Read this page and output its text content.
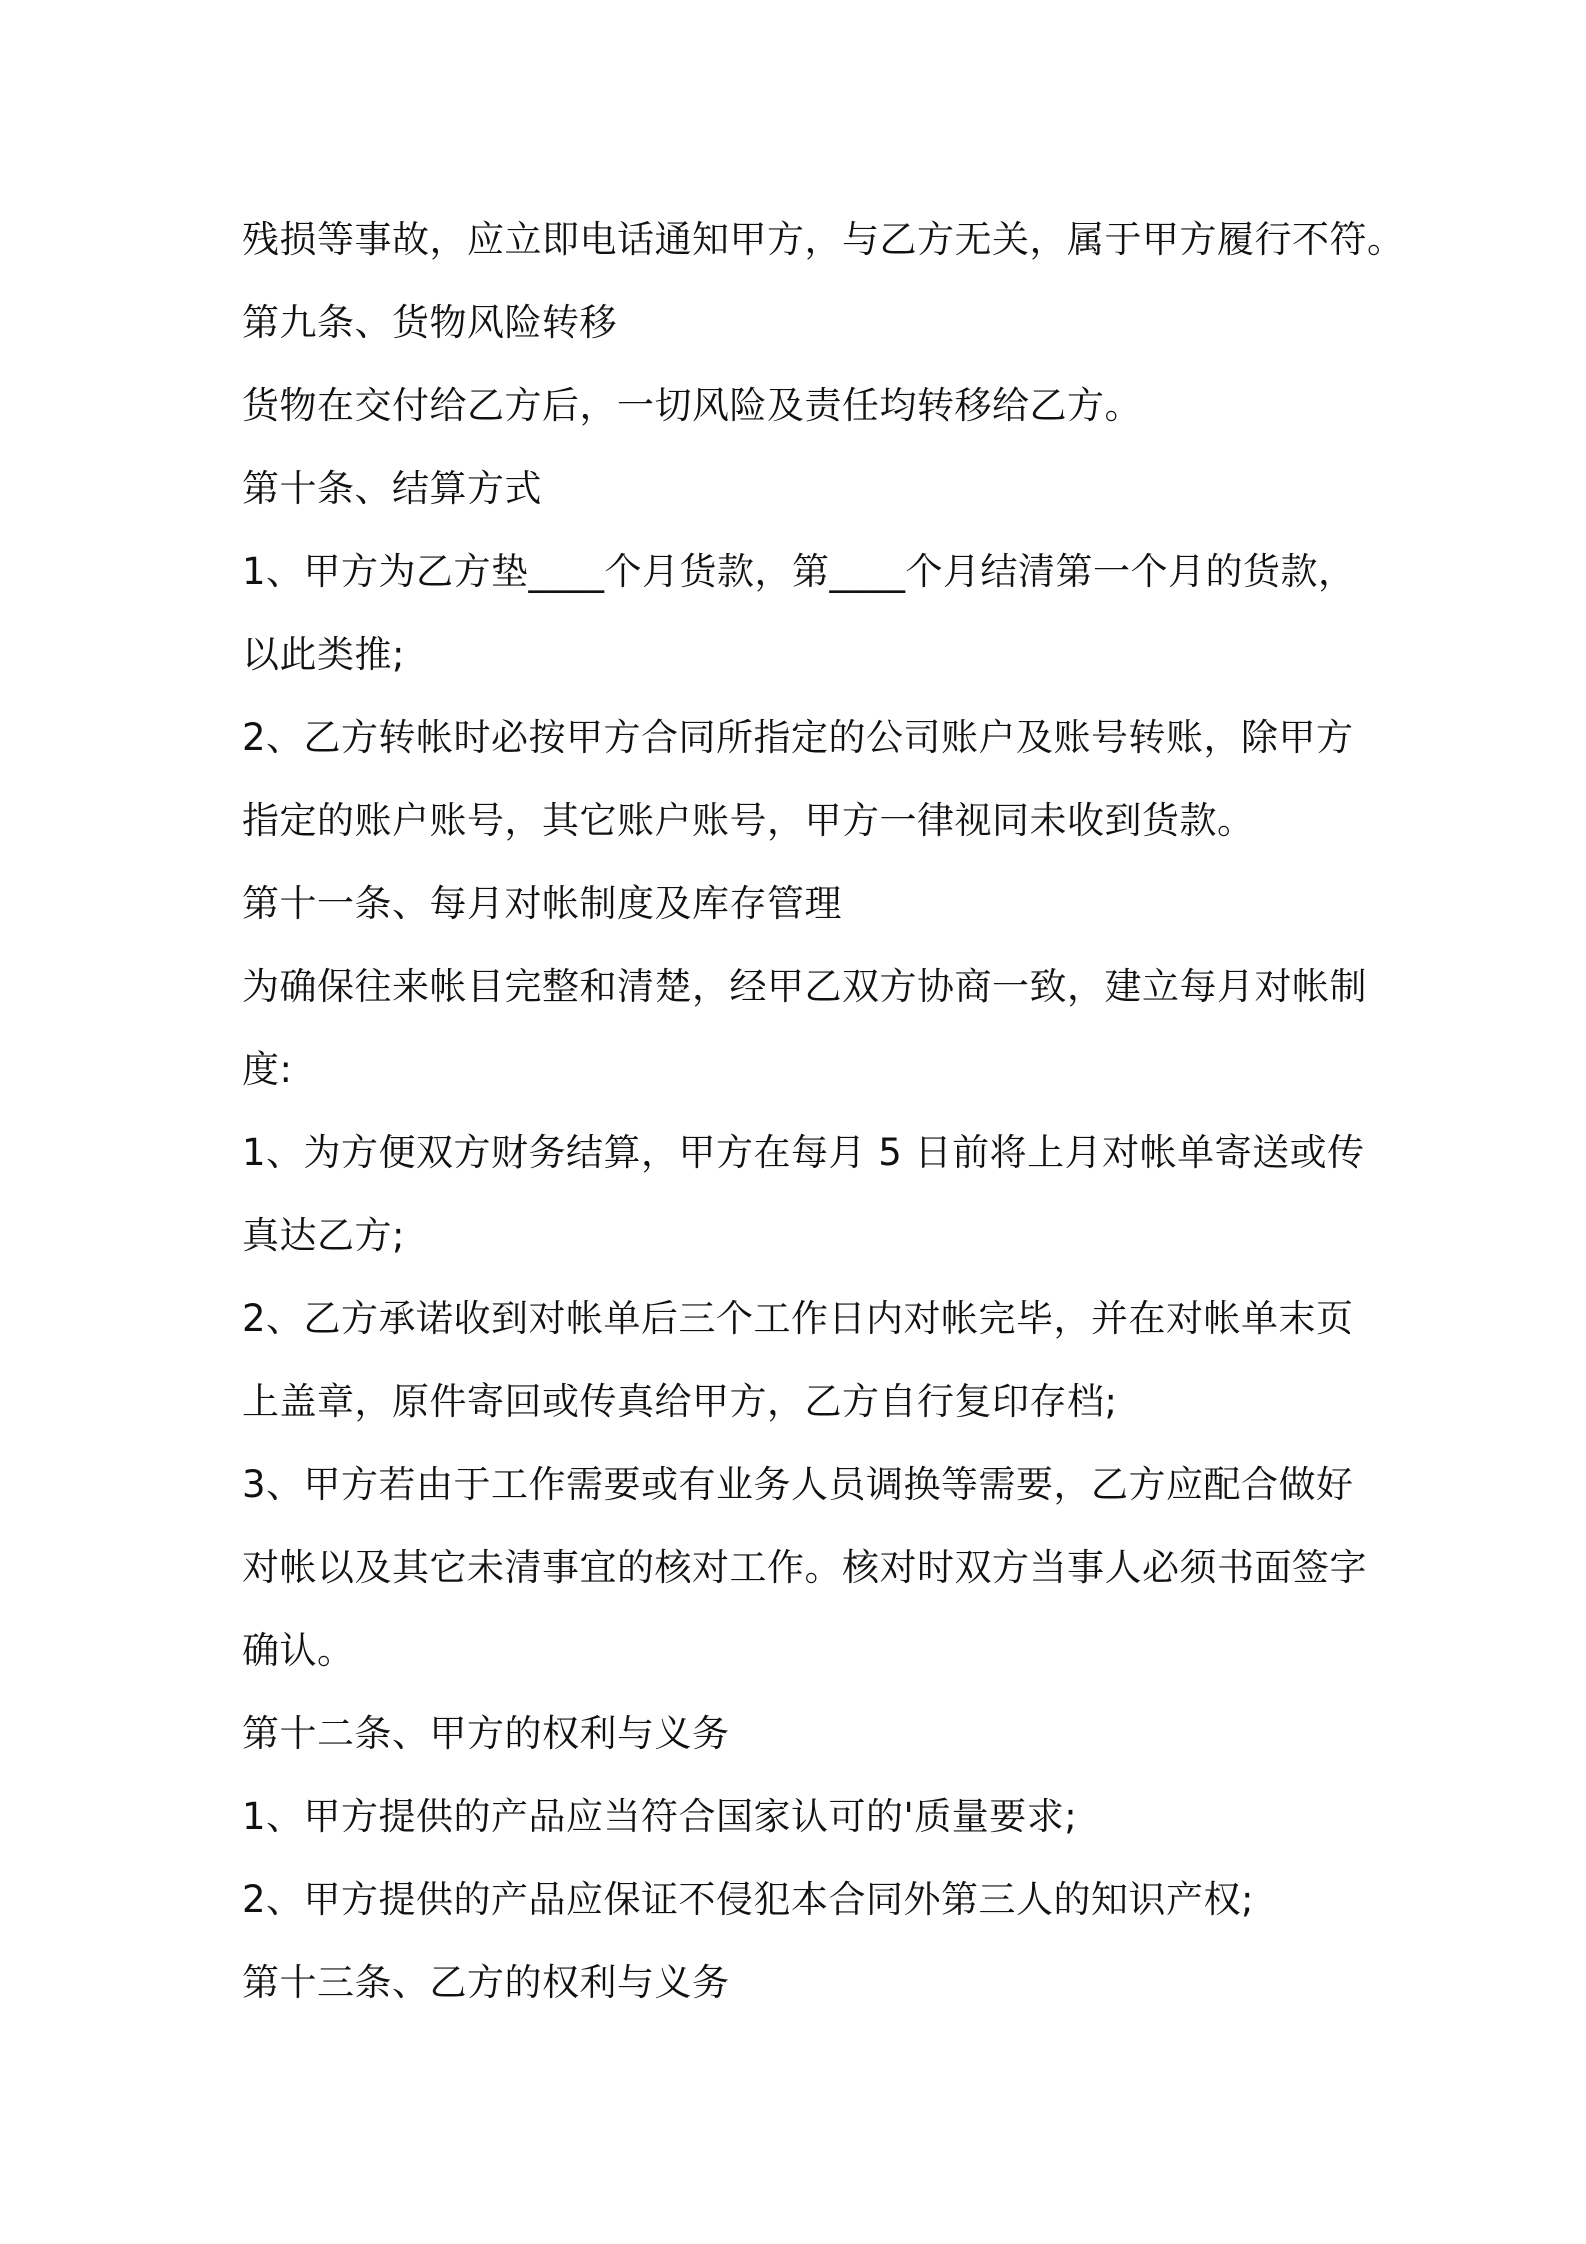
残损等事故，应立即电话通知甲方，与乙方无关，属于甲方履行不符。
第九条、货物风险转移
货物在交付给乙方后，一切风险及责任均转移给乙方。
第十条、结算方式
1、甲方为乙方垫____个月货款，第____个月结清第一个月的货款，
以此类推;
2、乙方转帐时必按甲方合同所指定的公司账户及账号转账，除甲方
指定的账户账号，其它账户账号，甲方一律视同未收到货款。
第十一条、每月对帐制度及库存管理
为确保往来帐目完整和清楚，经甲乙双方协商一致，建立每月对帐制
度:
1、为方便双方财务结算，甲方在每月 5 日前将上月对帐单寄送或传
真达乙方;
2、乙方承诺收到对帐单后三个工作日内对帐完毕，并在对帐单末页
上盖章，原件寄回或传真给甲方，乙方自行复印存档;
3、甲方若由于工作需要或有业务人员调换等需要，乙方应配合做好
对帐以及其它未清事宜的核对工作。核对时双方当事人必须书面签字
确认。
第十二条、甲方的权利与义务
1、甲方提供的产品应当符合国家认可的'质量要求;
2、甲方提供的产品应保证不侵犯本合同外第三人的知识产权;
第十三条、乙方的权利与义务
